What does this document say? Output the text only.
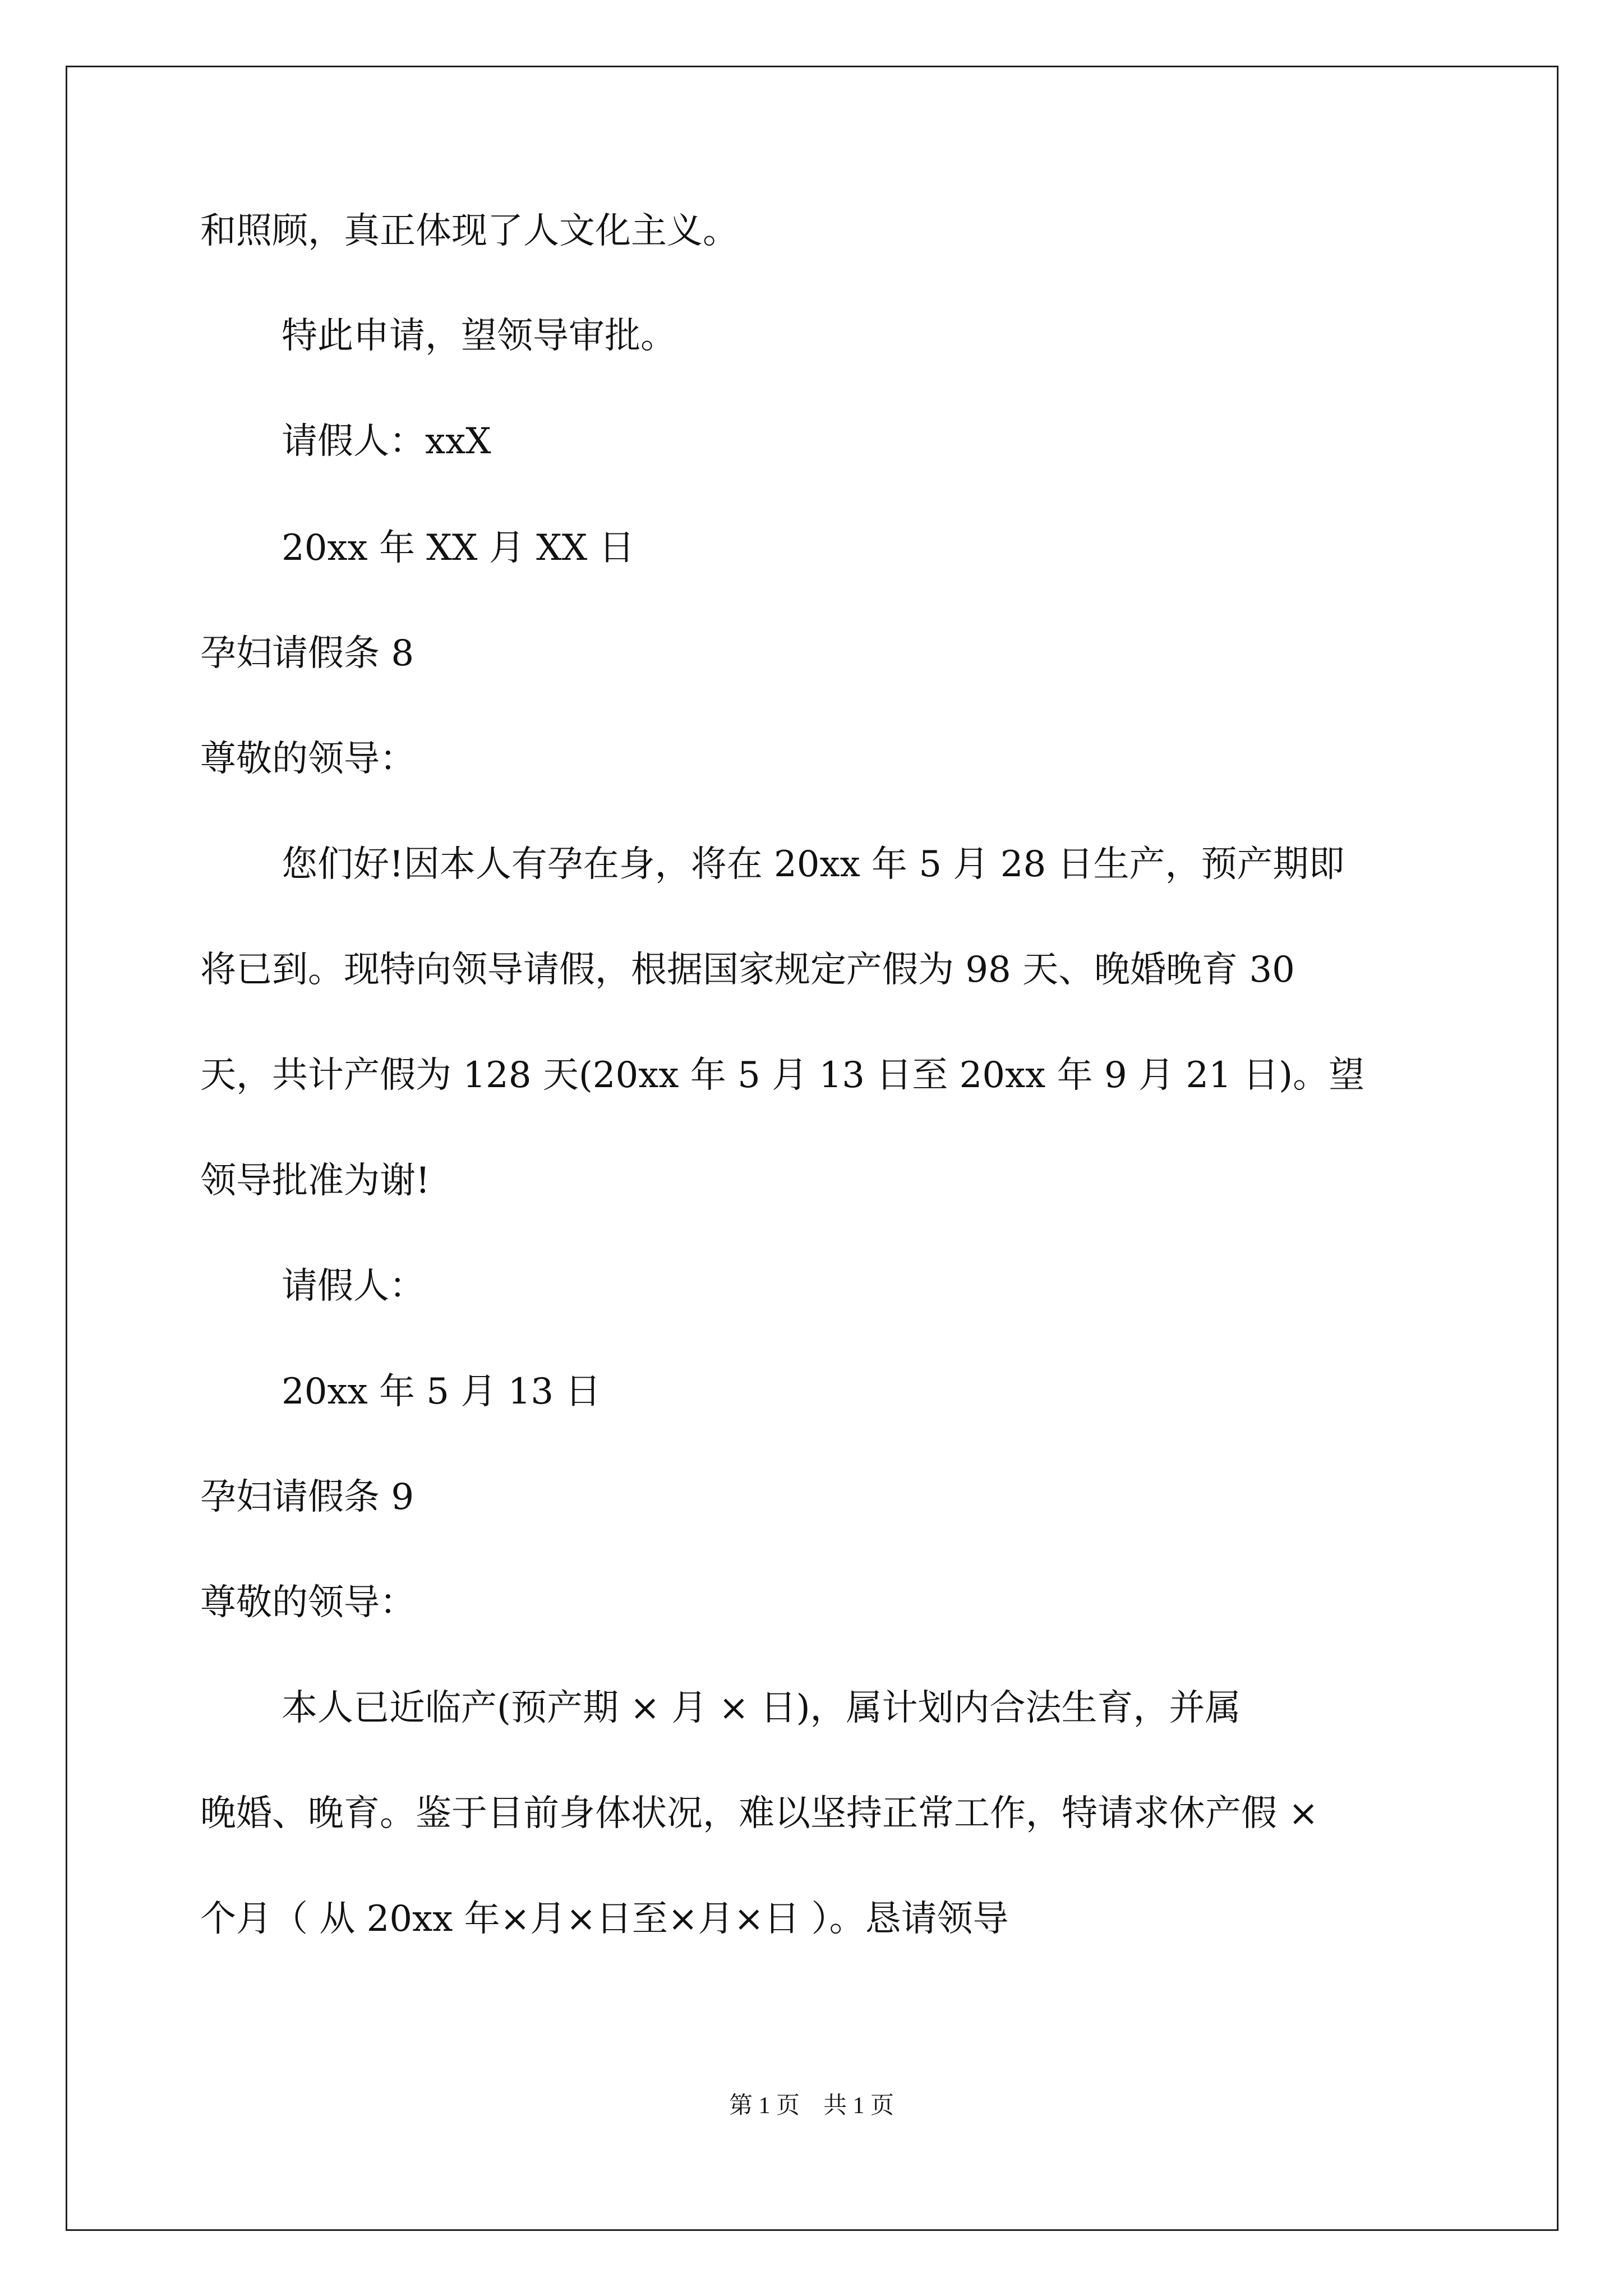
和照顾，真正体现了人文化主义。

特此申请，望领导审批。

请假人：xxX

20xx 年 XX 月 XX 日

孕妇请假条 8

尊敬的领导：

您们好!因本人有孕在身，将在 20xx 年 5 月 28 日生产，预产期即

将已到。现特向领导请假，根据国家规定产假为 98 天、晚婚晚育 30

天，共计产假为 128 天(20xx 年 5 月 13 日至 20xx 年 9 月 21 日)。望

领导批准为谢!

请假人：

20xx 年 5 月 13 日

孕妇请假条 9

尊敬的领导：

本人已近临产(预产期 × 月 × 日)，属计划内合法生育，并属

晚婚、晚育。鉴于目前身体状况，难以坚持正常工作，特请求休产假 ×

个月（ 从 20xx 年×月×日至×月×日 ）。恳请领导

第 1 页　共 1 页
